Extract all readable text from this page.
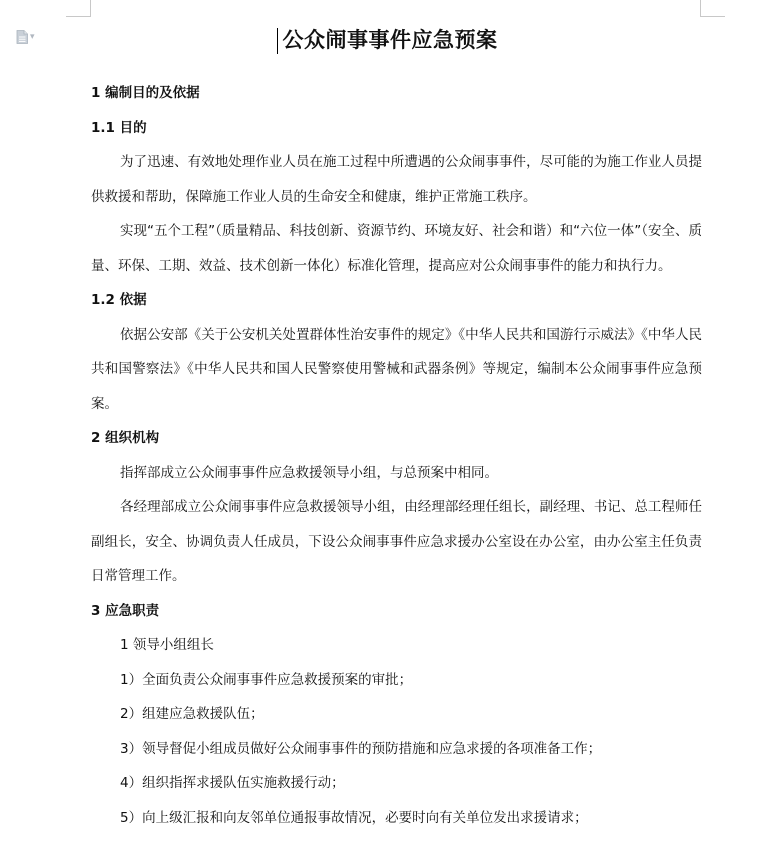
▾	公众闹事事件应急预案
1 编制目的及依据
1.1 目的
为了迅速、有效地处理作业人员在施工过程中所遭遇的公众闹事事件，尽可能的为施工作业人员提供救援和帮助，保障施工作业人员的生命安全和健康，维护正常施工秩序。
实现“五个工程”（质量精品、科技创新、资源节约、环境友好、社会和谐）和“六位一体”（安全、质量、环保、工期、效益、技术创新一体化）标准化管理，提高应对公众闹事事件的能力和执行力。
1.2 依据
依据公安部《关于公安机关处置群体性治安事件的规定》《中华人民共和国游行示威法》《中华人民共和国警察法》《中华人民共和国人民警察使用警械和武器条例》等规定，编制本公众闹事事件应急预案。
2 组织机构
指挥部成立公众闹事事件应急救援领导小组，与总预案中相同。
各经理部成立公众闹事事件应急救援领导小组，由经理部经理任组长，副经理、书记、总工程师任副组长，安全、协调负责人任成员，下设公众闹事事件应急求援办公室设在办公室，由办公室主任负责日常管理工作。
3 应急职责
1 领导小组组长
1）全面负责公众闹事事件应急救援预案的审批；
2）组建应急救援队伍；
3）领导督促小组成员做好公众闹事事件的预防措施和应急求援的各项准备工作；
4）组织指挥求援队伍实施救援行动；
5）向上级汇报和向友邻单位通报事故情况，必要时向有关单位发出求援请求；
